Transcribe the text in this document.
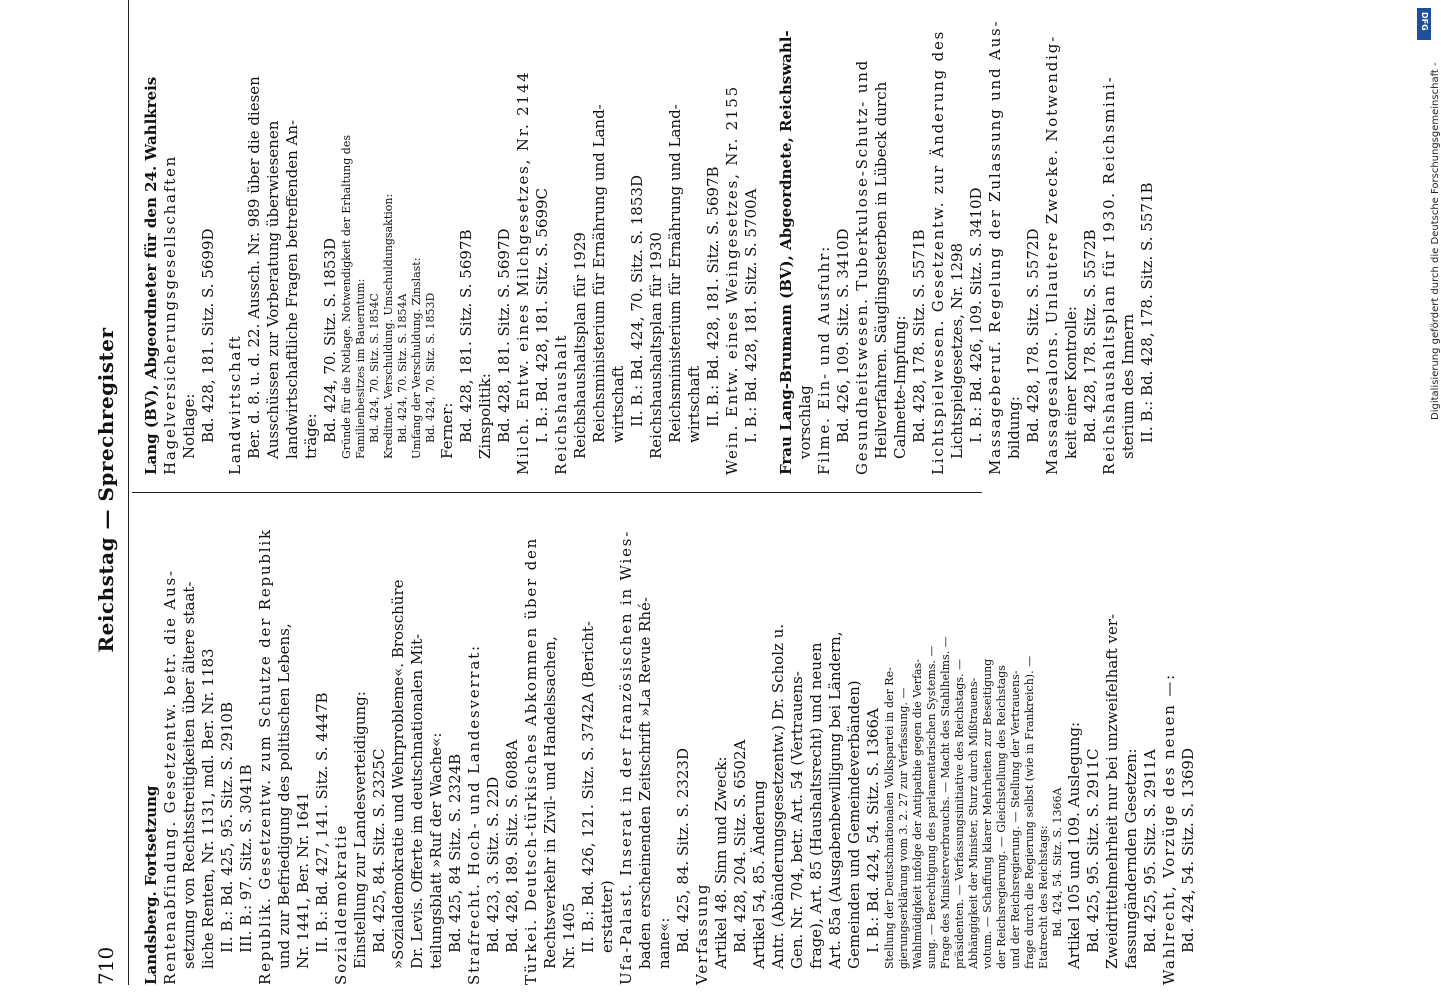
710
Reichstag — Sprechregister
Landsberg. Fortsetzung Rentenabfindung. Gesetzentw. betr. die Aus- setzung von Rechtsstreitigkeiten über ältere staat- liche Renten, Nr. 1131, mdl. Ber. Nr. 1183 II. B.: Bd. 425, 95. Sitz. S. 2910B III. B.: 97. Sitz. S. 3041B Republik. Gesetzentw. zum Schutze der Republik und zur Befriedigung des politischen Lebens, Nr. 1441, Ber. Nr. 1641 II. B.: Bd. 427, 141. Sitz. S. 4447B Sozialdemokratie Einstellung zur Landesverteidigung: Bd. 425, 84. Sitz. S. 2325C »Sozialdemokratie und Wehrprobleme«. Broschüre Dr. Levis. Offerte im deutschnationalen Mit- teilungsblatt »Ruf der Wache«: Bd. 425, 84 Sitz. S. 2324B Strafrecht. Hoch- und Landesverrat: Bd. 423, 3. Sitz. S. 22D Bd. 428, 189. Sitz. S. 6088A Türkei. Deutsch-türkisches Abkommen über den Rechtsverkehr in Zivil- und Handelssachen, Nr. 1405 II. B.: Bd. 426, 121. Sitz. S. 3742A (Bericht- erstatter) Ufa-Palast. Inserat in der französischen in Wies- baden erscheinenden Zeitschrift »La Revue Rhé- nane«: Bd. 425, 84. Sitz. S. 2323D Verfassung Artikel 48. Sinn und Zweck: Bd. 428, 204. Sitz. S. 6502A Artikel 54, 85. Änderung Antr. (Abänderungsgesetzentw.) Dr. Scholz u. Gen. Nr. 704, betr. Art. 54 (Vertrauens- frage), Art. 85 (Haushaltsrecht) und neuen Art. 85a (Ausgabenbewilligung bei Ländern, Gemeinden und Gemeindeverbänden) I. B.: Bd. 424, 54. Sitz. S. 1366A Stellung der Deutschnationalen Volkspartei in der Re- gierungserklärung vom 3. 2. 27 zur Verfassung. — Wahlmüdigkeit infolge der Antipathie gegen die Verfas- sung. — Berechtigung des parlamentarischen Systems. — Frage des Ministerverbrauchs. — Macht des Stahlhelms. — präsidenten. — Verfassungsinitiative des Reichstags. — Abhängigkeit der Minister, Sturz durch Mißtrauens- votum. — Schaffung klarer Mehrheiten zur Beseitigung der Reichsregierung. — Gleichstellung des Reichstags und der Reichsregierung. — Stellung der Vertrauens- frage durch die Regierung selbst (wie in Frankreich). — Etatrecht des Reichstags: Bd. 424, 54. Sitz. S. 1366A Artikel 105 und 109. Auslegung: Bd. 425, 95. Sitz. S. 2911C Zweidrittelmehrheit nur bei unzweifelhaft ver- fassungändernden Gesetzen: Bd. 425, 95. Sitz. S. 2911A Wahlrecht, Vorzüge des neuen —: Bd. 424, 54. Sitz. S. 1369D
Lang (BV), Abgeordneter für den 24. Wahlkreis Hagelversicherungsgesellschaften Notlage: Bd. 428, 181. Sitz. S. 5699D Landwirtschaft Ber. d. 8. u. d. 22. Aussch. Nr. 989 über die diesen Ausschüssen zur Vorberatung überwiesenen landwirtschaftliche Fragen betreffenden An- träge: Bd. 424, 70. Sitz. S. 1853D Gründe für die Notlage. Notwendigkeit der Erhaltung des Familienbesitzes im Bauerntum: Bd. 424, 70. Sitz. S. 1854C Kreditnot. Verschuldung. Umschuldungsaktion: Bd. 424, 70. Sitz. S. 1854A Umfang der Verschuldung. Zinslast: Bd. 424, 70. Sitz. S. 1853D Ferner: Bd. 428, 181. Sitz. S. 5697B Zinspolitik: Bd. 428, 181. Sitz. S. 5697D Milch. Entw. eines Milchgesetzes, Nr. 2144 I. B.: Bd. 428, 181. Sitz. S. 5699C Reichshaushalt Reichshaushaltsplan für 1929 Reichsministerium für Ernährung und Land- wirtschaft II. B.: Bd. 424, 70. Sitz. S. 1853D Reichshaushaltsplan für 1930 Reichsministerium für Ernährung und Land- wirtschaft II. B.: Bd. 428, 181. Sitz. S. 5697B Wein. Entw. eines Weingesetzes, Nr. 2155 I. B.: Bd. 428, 181. Sitz. S. 5700A Frau Lang-Brumann (BV), Abgeordnete, Reichswahl- vorschlag Filme. Ein- und Ausfuhr: Bd. 426, 109. Sitz. S. 3410D Gesundheitswesen. Tuberkulose-Schutz- und Heilverfahren. Säuglingssterben in Lübeck durch Calmette-Impfung: Bd. 428, 178. Sitz. S. 5571B Lichtspielwesen. Gesetzentw. zur Änderung des Lichtspielgesetzes, Nr. 1298 I. B.: Bd. 426, 109. Sitz. S. 3410D Massageberuf. Regelung der Zulassung und Aus- bildung: Bd. 428, 178. Sitz. S. 5572D Massagesalons. Unlautere Zwecke. Notwendig- keit einer Kontrolle: Bd. 428, 178. Sitz. S. 5572B Reichshaushaltsplan für 1930. Reichsmini- sterium des Innern II. B.: Bd. 428, 178. Sitz. S. 5571B
DFG
Digitalisierung gefördert durch die Deutsche Forschungsgemeinschaft -
